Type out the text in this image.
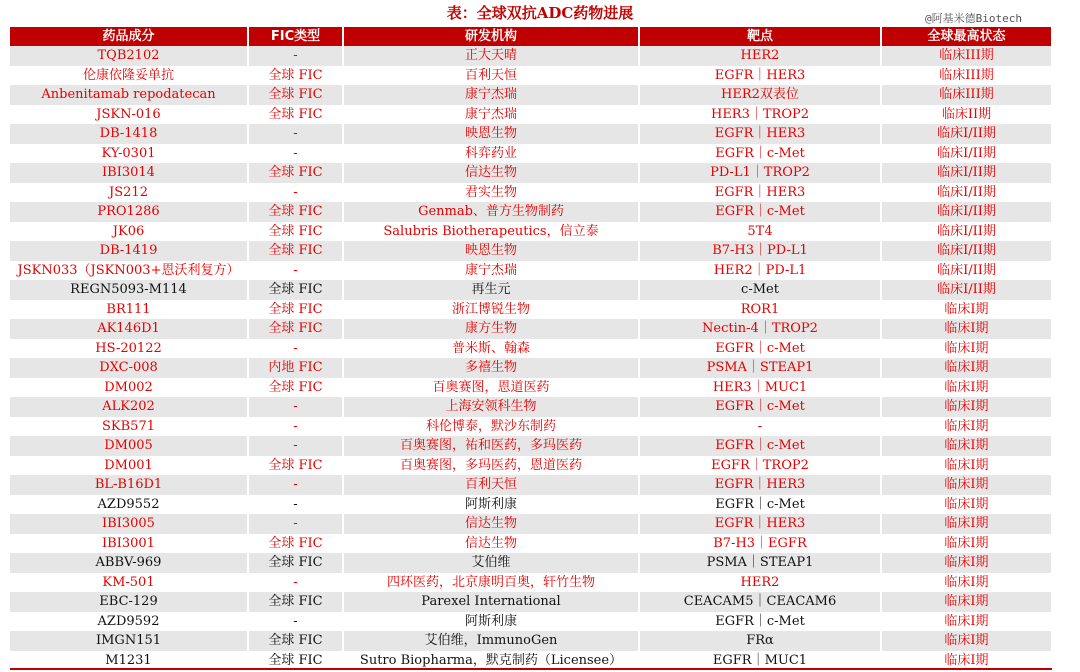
表：全球双抗ADC药物进展	@阿基米德Biotech
药品成分	FIC类型	研发机构	靶点	全球最高状态
TQB2102	-	正大天晴	HER2	临床III期
伦康依隆妥单抗	全球 FIC	百利天恒	EGFR｜HER3	临床III期
Anbenitamab repodatecan	全球 FIC	康宁杰瑞	HER2双表位	临床III期
JSKN-016	全球 FIC	康宁杰瑞	HER3｜TROP2	临床II期
DB-1418	-	映恩生物	EGFR｜HER3	临床I/II期
KY-0301	-	科弈药业	EGFR｜c-Met	临床I/II期
IBI3014	全球 FIC	信达生物	PD-L1｜TROP2	临床I/II期
JS212	-	君实生物	EGFR｜HER3	临床I/II期
PRO1286	全球 FIC	Genmab、普方生物制药	EGFR｜c-Met	临床I/II期
JK06	全球 FIC	Salubris Biotherapeutics，信立泰	5T4	临床I/II期
DB-1419	全球 FIC	映恩生物	B7-H3｜PD-L1	临床I/II期
JSKN033（JSKN003+恩沃利复方）	-	康宁杰瑞	HER2｜PD-L1	临床I/II期
REGN5093-M114	全球 FIC	再生元	c-Met	临床I/II期
BR111	全球 FIC	浙江博锐生物	ROR1	临床I期
AK146D1	全球 FIC	康方生物	Nectin-4｜TROP2	临床I期
HS-20122	-	普米斯、翰森	EGFR｜c-Met	临床I期
DXC-008	内地 FIC	多禧生物	PSMA｜STEAP1	临床I期
DM002	全球 FIC	百奥赛图，恩道医药	HER3｜MUC1	临床I期
ALK202	-	上海安领科生物	EGFR｜c-Met	临床I期
SKB571	-	科伦博泰，默沙东制药	-	临床I期
DM005	-	百奥赛图，祐和医药，多玛医药	EGFR｜c-Met	临床I期
DM001	全球 FIC	百奥赛图，多玛医药，恩道医药	EGFR｜TROP2	临床I期
BL-B16D1	-	百利天恒	EGFR｜HER3	临床I期
AZD9552	-	阿斯利康	EGFR｜c-Met	临床I期
IBI3005	-	信达生物	EGFR｜HER3	临床I期
IBI3001	全球 FIC	信达生物	B7-H3｜EGFR	临床I期
ABBV-969	全球 FIC	艾伯维	PSMA｜STEAP1	临床I期
KM-501	-	四环医药，北京康明百奥，轩竹生物	HER2	临床I期
EBC-129	全球 FIC	Parexel International	CEACAM5｜CEACAM6	临床I期
AZD9592	-	阿斯利康	EGFR｜c-Met	临床I期
IMGN151	全球 FIC	艾伯维，ImmunoGen	FRα	临床I期
M1231	全球 FIC	Sutro Biopharma，默克制药（Licensee）	EGFR｜MUC1	临床I期
